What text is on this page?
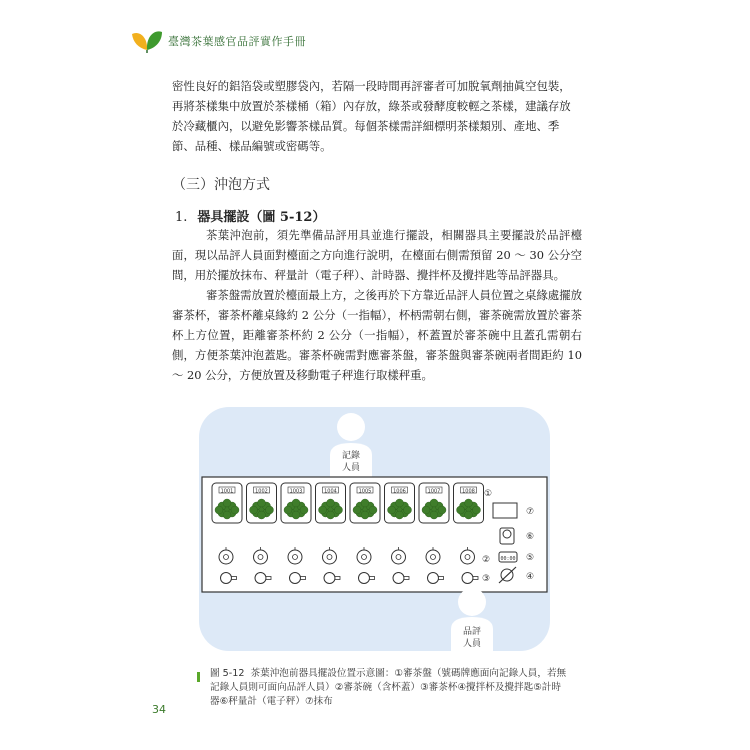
臺灣茶葉感官品評實作手冊

密性良好的鋁箔袋或塑膠袋內，若隔一段時間再評審者可加脫氧劑抽眞空包裝，再將茶樣集中放置於茶樣桶（箱）內存放，綠茶或發酵度較輕之茶樣，建議存放於冷藏櫃內，以避免影響茶樣品質。每個茶樣需詳細標明茶樣類別、產地、季節、品種、樣品編號或密碼等。

（三）沖泡方式
1. 器具擺設（圖 5-12）

茶葉沖泡前，須先準備品評用具並進行擺設，相關器具主要擺設於品評檯面，現以品評人員面對檯面之方向進行說明，在檯面右側需預留 20 ～ 30 公分空間，用於擺放抹布、秤量計（電子秤）、計時器、攪拌杯及攪拌匙等品評器具。

審茶盤需放置於檯面最上方，之後再於下方靠近品評人員位置之桌緣處擺放審茶杯，審茶杯離桌緣約 2 公分（一指幅），杯柄需朝右側，審茶碗需放置於審茶杯上方位置，距離審茶杯約 2 公分（一指幅），杯蓋置於審茶碗中且蓋孔需朝右側，方便茶葉沖泡蓋匙。審茶杯碗需對應審茶盤，審茶盤與審茶碗兩者間距約 10 ～ 20 公分，方便放置及移動電子秤進行取樣秤重。

記錄
人員
1001	1002	1003	1004	1005	1006	1007	1008
⑦
⑥
00:00 ⑤
④
①
②
③
品評
人員
圖 5-12 茶葉沖泡前器具擺設位置示意圖：①審茶盤（號碼牌應面向記錄人員，若無記錄人員則可面向品評人員）②審茶碗（含杯蓋）③審茶杯④攪拌杯及攪拌匙⑤計時器⑥秤量計（電子秤）⑦抹布
34
